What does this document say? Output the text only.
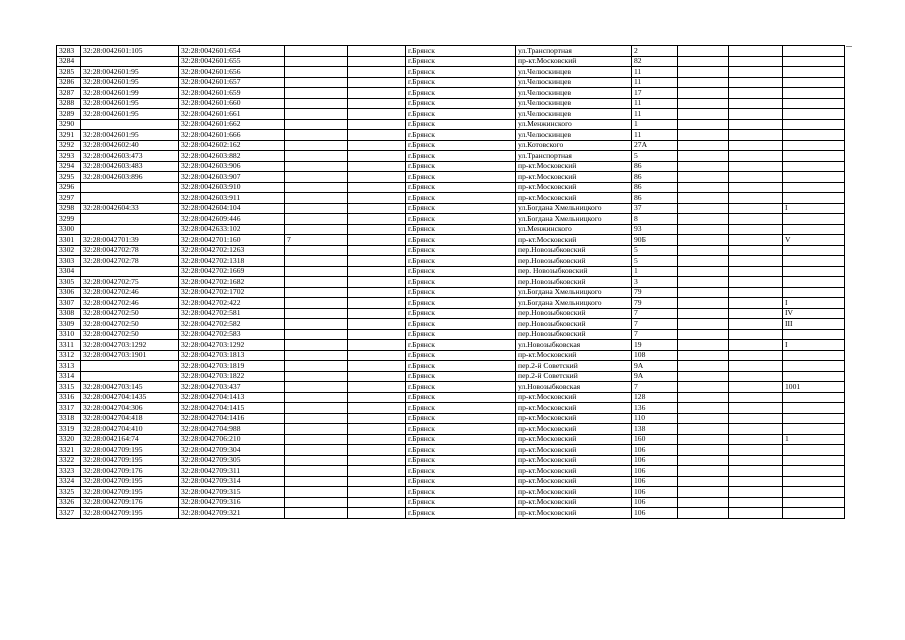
3283	32:28:0042601:105	32:28:0042601:654			г.Брянск	ул.Транспортная	2			
3284		32:28:0042601:655			г.Брянск	пр-кт.Московский	82			
3285	32:28:0042601:95	32:28:0042601:656			г.Брянск	ул.Челюскинцев	11			
3286	32:28:0042601:95	32:28:0042601:657			г.Брянск	ул.Челюскинцев	11			
3287	32:28:0042601:99	32:28:0042601:659			г.Брянск	ул.Челюскинцев	17			
3288	32:28:0042601:95	32:28:0042601:660			г.Брянск	ул.Челюскинцев	11			
3289	32:28:0042601:95	32:28:0042601:661			г.Брянск	ул.Челюскинцев	11			
3290		32:28:0042601:662			г.Брянск	ул.Менжинского	1			
3291	32:28:0042601:95	32:28:0042601:666			г.Брянск	ул.Челюскинцев	11			
3292	32:28:0042602:40	32:28:0042602:162			г.Брянск	ул.Котовского	27А			
3293	32:28:0042603:473	32:28:0042603:882			г.Брянск	ул.Транспортная	5			
3294	32:28:0042603:483	32:28:0042603:906			г.Брянск	пр-кт.Московский	86			
3295	32:28:0042603:896	32:28:0042603:907			г.Брянск	пр-кт.Московский	86			
3296		32:28:0042603:910			г.Брянск	пр-кт.Московский	86			
3297		32:28:0042603:911			г.Брянск	пр-кт.Московский	86			
3298	32:28:0042604:33	32:28:0042604:104			г.Брянск	ул.Богдана Хмельницкого	37			I
3299		32:28:0042609:446			г.Брянск	ул.Богдана Хмельницкого	8			
3300		32:28:0042633:102			г.Брянск	ул.Менжинского	93			
3301	32:28:0042701:39	32:28:0042701:160	7		г.Брянск	пр-кт.Московский	90Б			V
3302	32:28:0042702:78	32:28:0042702:1263			г.Брянск	пер.Новозыбковский	5			
3303	32:28:0042702:78	32:28:0042702:1318			г.Брянск	пер.Новозыбковский	5			
3304		32:28:0042702:1669			г.Брянск	пер. Новозыбковский	1			
3305	32:28:0042702:75	32:28:0042702:1682			г.Брянск	пер.Новозыбковский	3			
3306	32:28:0042702:46	32:28:0042702:1702			г.Брянск	ул.Богдана Хмельницкого	79			
3307	32:28:0042702:46	32:28:0042702:422			г.Брянск	ул.Богдана Хмельницкого	79			I
3308	32:28:0042702:50	32:28:0042702:581			г.Брянск	пер.Новозыбковский	7			IV
3309	32:28:0042702:50	32:28:0042702:582			г.Брянск	пер.Новозыбковский	7			III
3310	32:28:0042702:50	32:28:0042702:583			г.Брянск	пер.Новозыбковский	7			
3311	32:28:0042703:1292	32:28:0042703:1292			г.Брянск	ул.Новозыбковская	19			I
3312	32:28:0042703:1901	32:28:0042703:1813			г.Брянск	пр-кт.Московский	108			
3313		32:28:0042703:1819			г.Брянск	пер.2-й Советский	9А			
3314		32:28:0042703:1822			г.Брянск	пер.2-й Советский	9А			
3315	32:28:0042703:145	32:28:0042703:437			г.Брянск	ул.Новозыбковская	7			1001
3316	32:28:0042704:1435	32:28:0042704:1413			г.Брянск	пр-кт.Московский	128			
3317	32:28:0042704:306	32:28:0042704:1415			г.Брянск	пр-кт.Московский	136			
3318	32:28:0042704:418	32:28:0042704:1416			г.Брянск	пр-кт.Московский	110			
3319	32:28:0042704:410	32:28:0042704:988			г.Брянск	пр-кт.Московский	138			
3320	32:28:0042164:74	32:28:0042706:210			г.Брянск	пр-кт.Московский	160			1
3321	32:28:0042709:195	32:28:0042709:304			г.Брянск	пр-кт.Московский	106			
3322	32:28:0042709:195	32:28:0042709:305			г.Брянск	пр-кт.Московский	106			
3323	32:28:0042709:176	32:28:0042709:311			г.Брянск	пр-кт.Московский	106			
3324	32:28:0042709:195	32:28:0042709:314			г.Брянск	пр-кт.Московский	106			
3325	32:28:0042709:195	32:28:0042709:315			г.Брянск	пр-кт.Московский	106			
3326	32:28:0042709:176	32:28:0042709:316			г.Брянск	пр-кт.Московский	106			
3327	32:28:0042709:195	32:28:0042709:321			г.Брянск	пр-кт.Московский	106			
